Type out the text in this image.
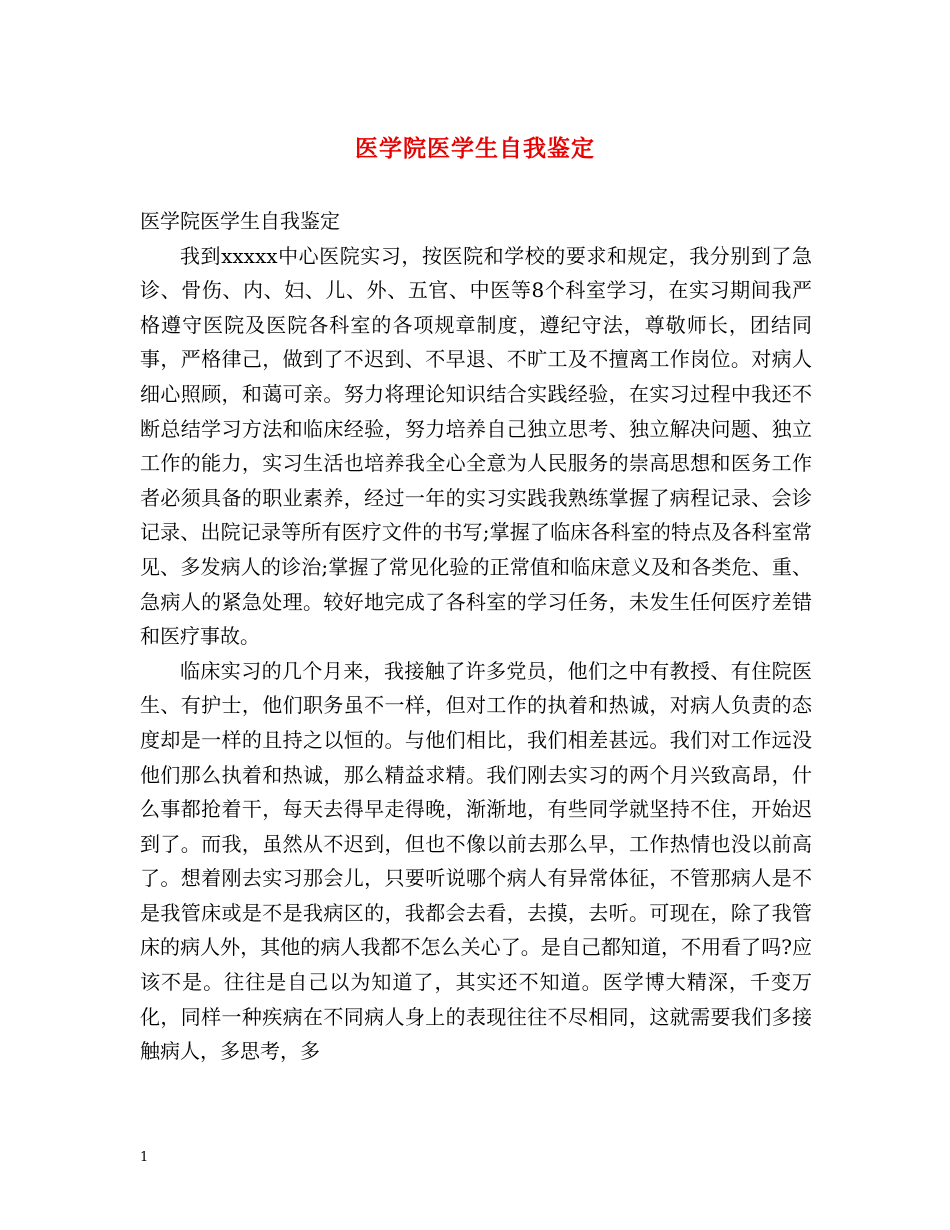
医学院医学生自我鉴定

医学院医学生自我鉴定

我到xxxxx中心医院实习，按医院和学校的要求和规定，我分别到了急诊、骨伤、内、妇、儿、外、五官、中医等8个科室学习，在实习期间我严格遵守医院及医院各科室的各项规章制度，遵纪守法，尊敬师长，团结同事，严格律己，做到了不迟到、不早退、不旷工及不擅离工作岗位。对病人细心照顾，和蔼可亲。努力将理论知识结合实践经验，在实习过程中我还不断总结学习方法和临床经验，努力培养自己独立思考、独立解决问题、独立工作的能力，实习生活也培养我全心全意为人民服务的崇高思想和医务工作者必须具备的职业素养，经过一年的实习实践我熟练掌握了病程记录、会诊记录、出院记录等所有医疗文件的书写;掌握了临床各科室的特点及各科室常见、多发病人的诊治;掌握了常见化验的正常值和临床意义及和各类危、重、急病人的紧急处理。较好地完成了各科室的学习任务，未发生任何医疗差错和医疗事故。

临床实习的几个月来，我接触了许多党员，他们之中有教授、有住院医生、有护士，他们职务虽不一样，但对工作的执着和热诚，对病人负责的态度却是一样的且持之以恒的。与他们相比，我们相差甚远。我们对工作远没他们那么执着和热诚，那么精益求精。我们刚去实习的两个月兴致高昂，什么事都抢着干，每天去得早走得晚，渐渐地，有些同学就坚持不住，开始迟到了。而我，虽然从不迟到，但也不像以前去那么早，工作热情也没以前高了。想着刚去实习那会儿，只要听说哪个病人有异常体征，不管那病人是不是我管床或是不是我病区的，我都会去看，去摸，去听。可现在，除了我管床的病人外，其他的病人我都不怎么关心了。是自己都知道，不用看了吗?应该不是。往往是自己以为知道了，其实还不知道。医学博大精深，千变万化，同样一种疾病在不同病人身上的表现往往不尽相同，这就需要我们多接触病人，多思考，多

1
